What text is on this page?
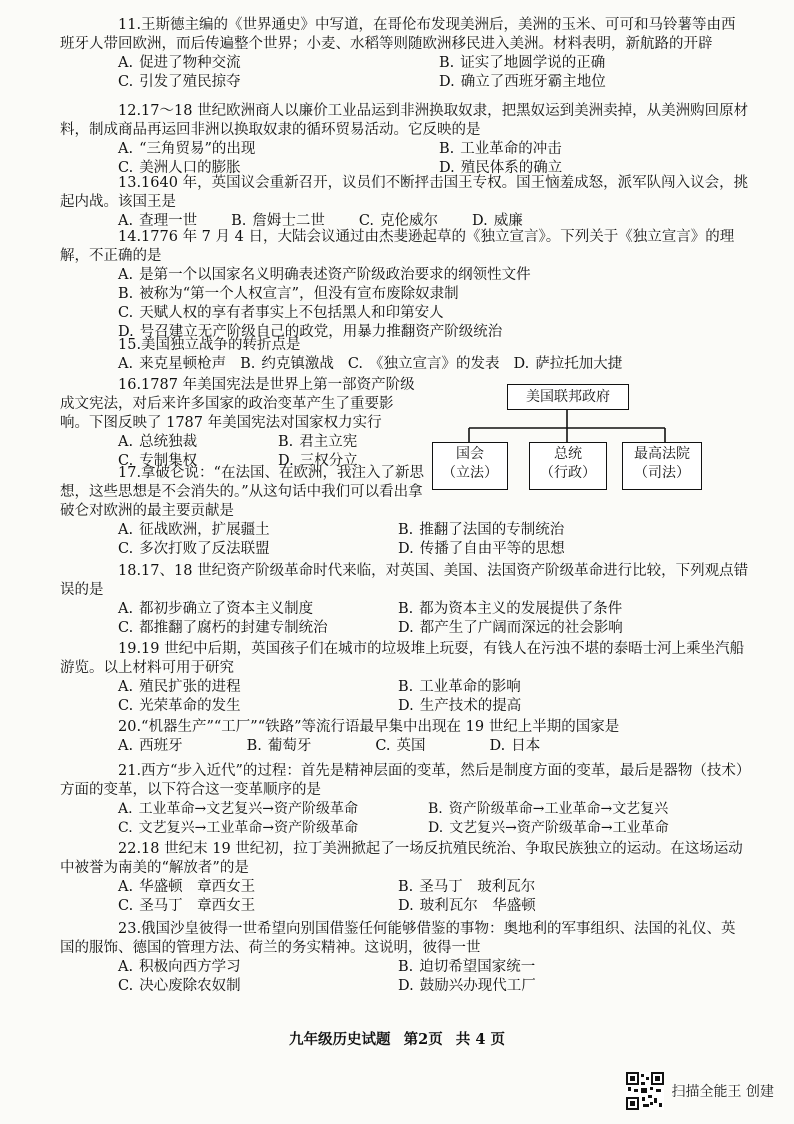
11.王斯德主编的《世界通史》中写道，在哥伦布发现美洲后，美洲的玉米、可可和马铃薯等由西班牙人带回欧洲，而后传遍整个世界；小麦、水稻等则随欧洲移民进入美洲。材料表明，新航路的开辟

A. 促进了物种交流	B. 证实了地圆学说的正确
C. 引发了殖民掠夺	D. 确立了西班牙霸主地位

12.17～18 世纪欧洲商人以廉价工业品运到非洲换取奴隶，把黑奴运到美洲卖掉，从美洲购回原材料，制成商品再运回非洲以换取奴隶的循环贸易活动。它反映的是

A. “三角贸易”的出现	B. 工业革命的冲击
C. 美洲人口的膨胀	D. 殖民体系的确立

13.1640 年，英国议会重新召开，议员们不断抨击国王专权。国王恼羞成怒，派军队闯入议会，挑起内战。该国王是

A. 查理一世 B. 詹姆士二世 C. 克伦威尔 D. 威廉

14.1776 年 7 月 4 日，大陆会议通过由杰斐逊起草的《独立宣言》。下列关于《独立宣言》的理解，不正确的是

A. 是第一个以国家名义明确表述资产阶级政治要求的纲领性文件
B. 被称为“第一个人权宣言”，但没有宣布废除奴隶制
C. 天赋人权的享有者事实上不包括黑人和印第安人
D. 号召建立无产阶级自己的政党，用暴力推翻资产阶级统治

15.美国独立战争的转折点是

A. 来克星顿枪声 B. 约克镇激战 C. 《独立宣言》的发表 D. 萨拉托加大捷

16.1787 年美国宪法是世界上第一部资产阶级成文宪法，对后来许多国家的政治变革产生了重要影响。下图反映了 1787 年美国宪法对国家权力实行

A. 总统独裁	B. 君主立宪
C. 专制集权	D. 三权分立
美国联邦政府
国会
（立法）
总统
（行政）
最高法院
（司法）

17.拿破仑说：“在法国、在欧洲，我注入了新思想，这些思想是不会消失的。”从这句话中我们可以看出拿破仑对欧洲的最主要贡献是

A. 征战欧洲，扩展疆土	B. 推翻了法国的专制统治
C. 多次打败了反法联盟	D. 传播了自由平等的思想

18.17、18 世纪资产阶级革命时代来临，对英国、美国、法国资产阶级革命进行比较，下列观点错误的是

A. 都初步确立了资本主义制度	B. 都为资本主义的发展提供了条件
C. 都推翻了腐朽的封建专制统治	D. 都产生了广阔而深远的社会影响

19.19 世纪中后期，英国孩子们在城市的垃圾堆上玩耍，有钱人在污浊不堪的泰晤士河上乘坐汽船游览。以上材料可用于研究

A. 殖民扩张的进程	B. 工业革命的影响
C. 光荣革命的发生	D. 生产技术的提高

20.“机器生产”“工厂”“铁路”等流行语最早集中出现在 19 世纪上半期的国家是

A. 西班牙	B. 葡萄牙	C. 英国	D. 日本

21.西方“步入近代”的过程：首先是精神层面的变革，然后是制度方面的变革，最后是器物（技术）方面的变革，以下符合这一变革顺序的是

A. 工业革命→文艺复兴→资产阶级革命	B. 资产阶级革命→工业革命→文艺复兴
C. 文艺复兴→工业革命→资产阶级革命	D. 文艺复兴→资产阶级革命→工业革命

22.18 世纪末 19 世纪初，拉丁美洲掀起了一场反抗殖民统治、争取民族独立的运动。在这场运动中被誉为南美的“解放者”的是

A. 华盛顿　章西女王	B. 圣马丁　玻利瓦尔
C. 圣马丁　章西女王	D. 玻利瓦尔　华盛顿

23.俄国沙皇彼得一世希望向别国借鉴任何能够借鉴的事物：奥地利的军事组织、法国的礼仪、英国的服饰、德国的管理方法、荷兰的务实精神。这说明，彼得一世

A. 积极向西方学习	B. 迫切希望国家统一
C. 决心废除农奴制	D. 鼓励兴办现代工厂
九年级历史试题 第2页 共 4 页
扫描全能王 创建
